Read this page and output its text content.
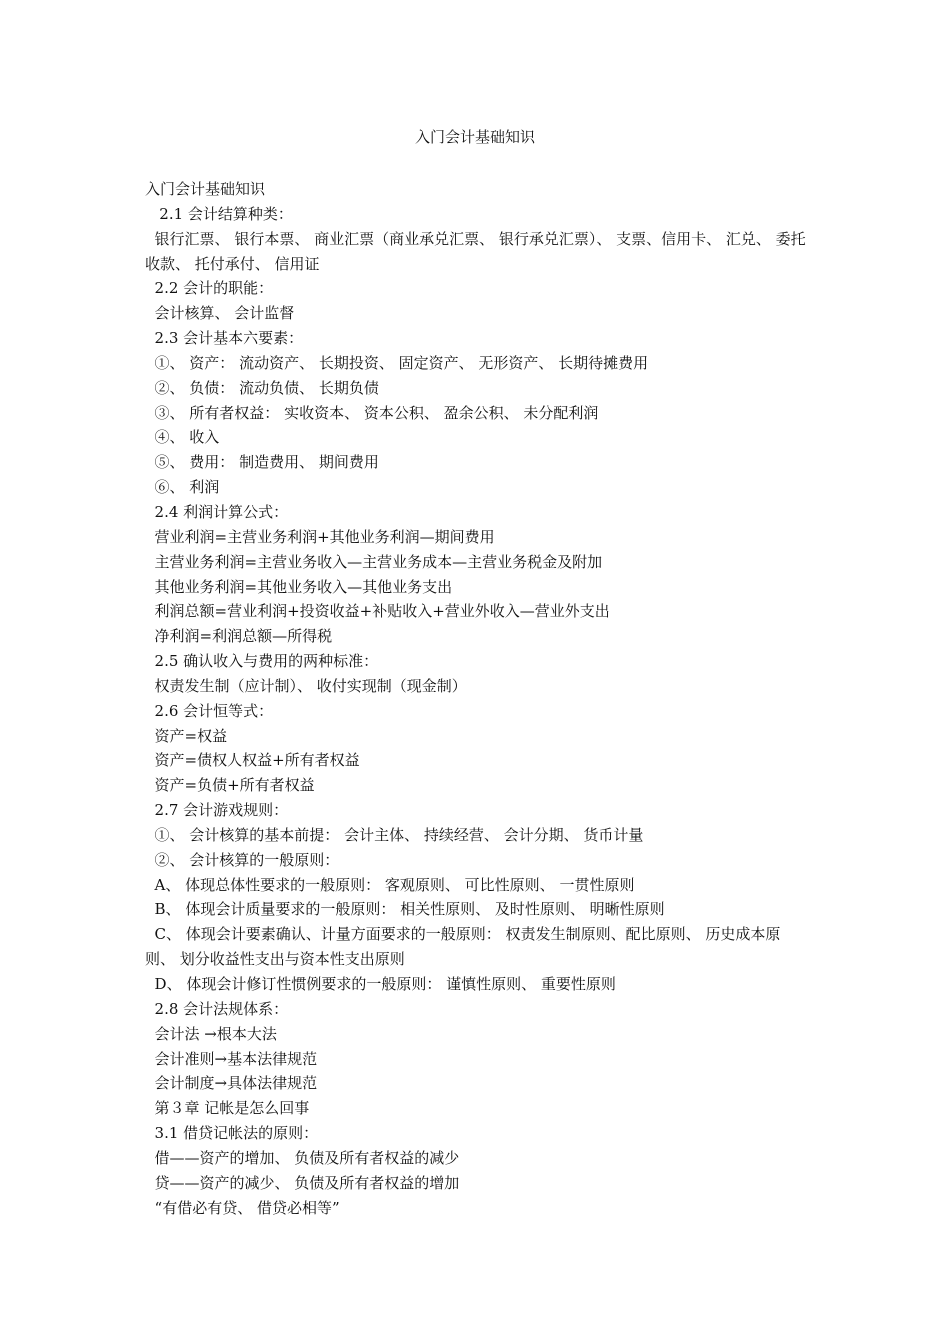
入门会计基础知识

入门会计基础知识

2.1 会计结算种类：

银行汇票、 银行本票、 商业汇票（商业承兑汇票、 银行承兑汇票）、 支票、信用卡、 汇兑、 委托收款、 托付承付、 信用证

2.2 会计的职能：

会计核算、 会计监督

2.3 会计基本六要素：

①、 资产： 流动资产、 长期投资、 固定资产、 无形资产、 长期待摊费用

②、 负债： 流动负债、 长期负债

③、 所有者权益： 实收资本、 资本公积、 盈余公积、 未分配利润

④、 收入

⑤、 费用： 制造费用、 期间费用

⑥、 利润

2.4 利润计算公式：

营业利润=主营业务利润+其他业务利润—期间费用

主营业务利润=主营业务收入—主营业务成本—主营业务税金及附加

其他业务利润=其他业务收入—其他业务支出

利润总额=营业利润+投资收益+补贴收入+营业外收入—营业外支出

净利润=利润总额—所得税

2.5 确认收入与费用的两种标准：

权责发生制（应计制）、 收付实现制（现金制）

2.6 会计恒等式：

资产=权益

资产=债权人权益+所有者权益

资产=负债+所有者权益

2.7 会计游戏规则：

①、 会计核算的基本前提： 会计主体、 持续经营、 会计分期、 货币计量

②、 会计核算的一般原则：

A、 体现总体性要求的一般原则： 客观原则、 可比性原则、 一贯性原则

B、 体现会计质量要求的一般原则： 相关性原则、 及时性原则、 明晰性原则

C、 体现会计要素确认、计量方面要求的一般原则： 权责发生制原则、配比原则、 历史成本原则、 划分收益性支出与资本性支出原则

D、 体现会计修订性惯例要求的一般原则： 谨慎性原则、 重要性原则

2.8 会计法规体系：

会计法 →根本大法

会计准则→基本法律规范

会计制度→具体法律规范

第３章 记帐是怎么回事

3.1 借贷记帐法的原则：

借——资产的增加、 负债及所有者权益的减少

贷——资产的减少、 负债及所有者权益的增加

“有借必有贷、 借贷必相等”
